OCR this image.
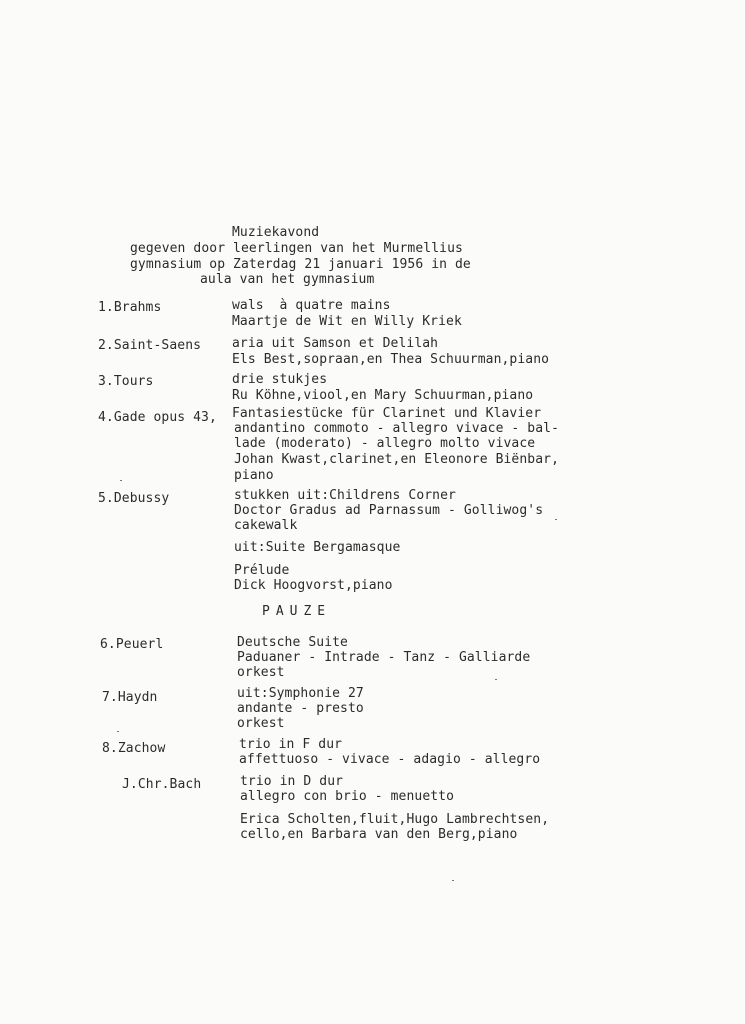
Muziekavond
gegeven door leerlingen van het Murmellius
gymnasium op Zaterdag 21 januari 1956 in de
aula van het gymnasium
1.Brahms	wals  à quatre mains
Maartje de Wit en Willy Kriek
2.Saint-Saens aria uit Samson et Delilah
Els Best,sopraan,en Thea Schuurman,piano
3.Tours	drie stukjes
Ru Köhne,viool,en Mary Schuurman,piano
4.Gade opus 43, Fantasiestücke für Clarinet und Klavier
andantino commoto - allegro vivace - bal-
lade (moderato) - allegro molto vivace
Johan Kwast,clarinet,en Eleonore Biënbar,
piano
5.Debussy	stukken uit:Childrens Corner
Doctor Gradus ad Parnassum - Golliwog's
cakewalk
uit:Suite Bergamasque
Prélude
Dick Hoogvorst,piano
PAUZE
6.Peuerl	Deutsche Suite
Paduaner - Intrade - Tanz - Galliarde
orkest
7.Haydn	uit:Symphonie 27
andante - presto
orkest
8.Zachow	trio in F dur
affettuoso - vivace - adagio - allegro
J.Chr.Bach	trio in D dur
allegro con brio - menuetto
Erica Scholten,fluit,Hugo Lambrechtsen,
cello,en Barbara van den Berg,piano
